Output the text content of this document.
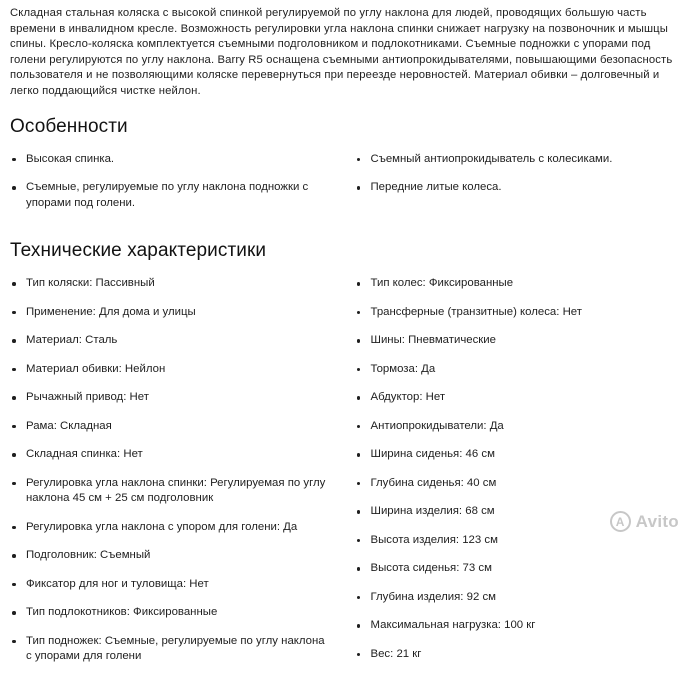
Складная стальная коляска с высокой спинкой регулируемой по углу наклона для людей, проводящих большую часть времени в инвалидном кресле. Возможность регулировки угла наклона спинки снижает нагрузку на позвоночник и мышцы спины. Кресло-коляска комплектуется съемными подголовником и подлокотниками. Съемные подножки с упорами под голени регулируются по углу наклона. Barry R5 оснащена съемными антиопрокидывателями, повышающими безопасность пользователя и не позволяющими коляске перевернуться при переезде неровностей. Материал обивки – долговечный и легко поддающийся чистке нейлон.

Особенности
Высокая спинка.
Съемные, регулируемые по углу наклона подножки с упорами под голени.
Съемный антиопрокидыватель с колесиками.
Передние литые колеса.
Технические характеристики
Тип коляски: Пассивный
Применение: Для дома и улицы
Материал: Сталь
Материал обивки: Нейлон
Рычажный привод: Нет
Рама: Складная
Складная спинка: Нет
Регулировка угла наклона спинки: Регулируемая по углу наклона 45 см + 25 см подголовник
Регулировка угла наклона с упором для голени: Да
Подголовник: Съемный
Фиксатор для ног и туловища: Нет
Тип подлокотников: Фиксированные
Тип подножек: Съемные, регулируемые по углу наклона с упорами для голени
Тип колес: Фиксированные
Трансферные (транзитные) колеса: Нет
Шины: Пневматические
Тормоза: Да
Абдуктор: Нет
Антиопрокидыватели: Да
Ширина сиденья: 46 см
Глубина сиденья: 40 см
Ширина изделия: 68 см
Высота изделия: 123 см
Высота сиденья: 73 см
Глубина изделия: 92 см
Максимальная нагрузка: 100 кг
Вес: 21 кг
A
Avito
